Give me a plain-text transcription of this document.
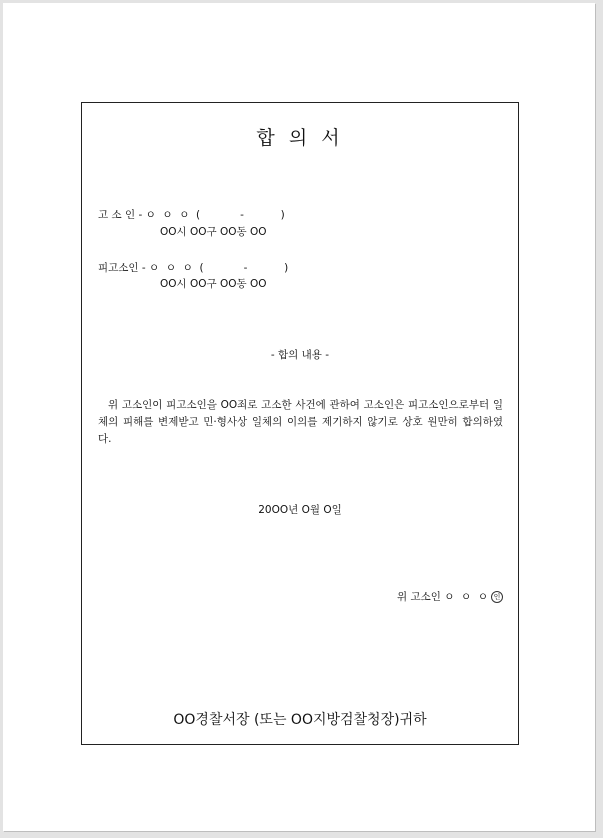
합 의 서
고 소 인 - ㅇ  ㅇ  ㅇ  (            -           )
OO시 OO구 OO동 OO
피고소인 - ㅇ  ㅇ  ㅇ  (            -           )
OO시 OO구 OO동 OO
- 합의 내용 -
위 고소인이 피고소인을 OO죄로 고소한 사건에 관하여 고소인은 피고소인으로부터 일체의 피해를 변제받고 민·형사상 일체의 이의를 제기하지 않기로 상호 원만히 합의하였다.
20OO년 O월 O일
위 고소인 ㅇ  ㅇ  ㅇ 인
OO경찰서장 (또는 OO지방검찰청장)귀하
